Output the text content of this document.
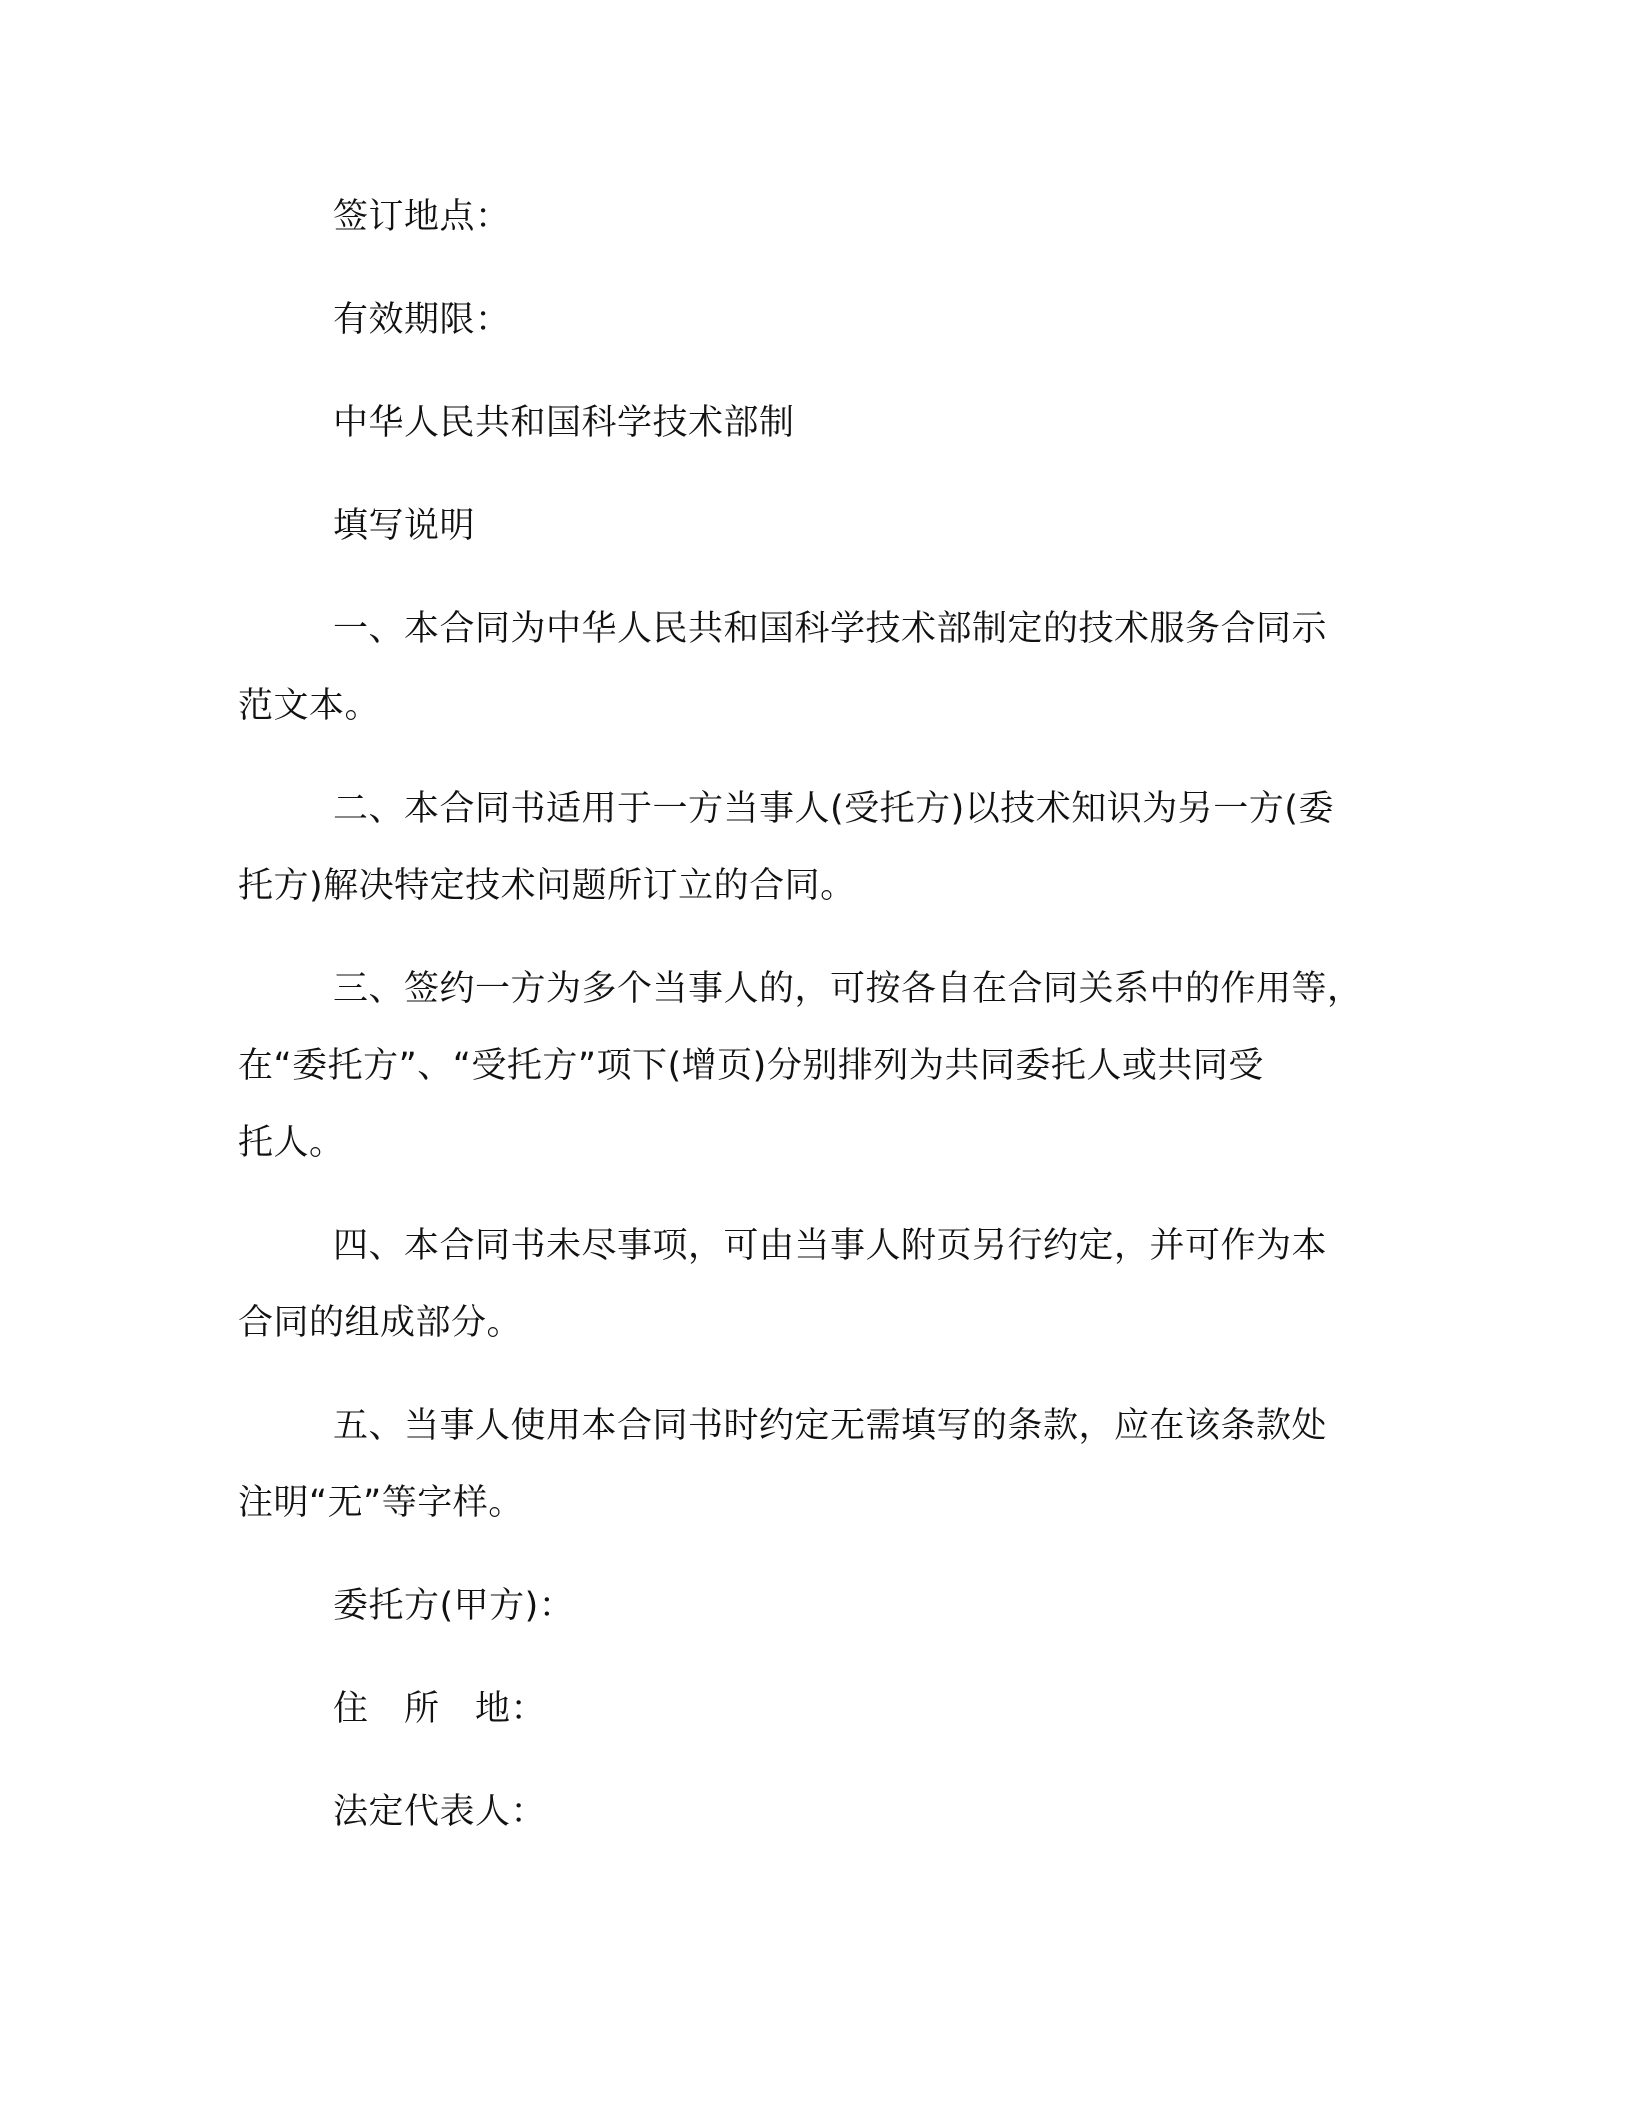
签订地点：
有效期限：
中华人民共和国科学技术部制
填写说明
一、本合同为中华人民共和国科学技术部制定的技术服务合同示
范文本。
二、本合同书适用于一方当事人(受托方)以技术知识为另一方(委
托方)解决特定技术问题所订立的合同。
三、签约一方为多个当事人的，可按各自在合同关系中的作用等，
在“委托方”、“受托方”项下(增页)分别排列为共同委托人或共同受
托人。
四、本合同书未尽事项，可由当事人附页另行约定，并可作为本
合同的组成部分。
五、当事人使用本合同书时约定无需填写的条款，应在该条款处
注明“无”等字样。
委托方(甲方)：
住　所　地：
法定代表人：
